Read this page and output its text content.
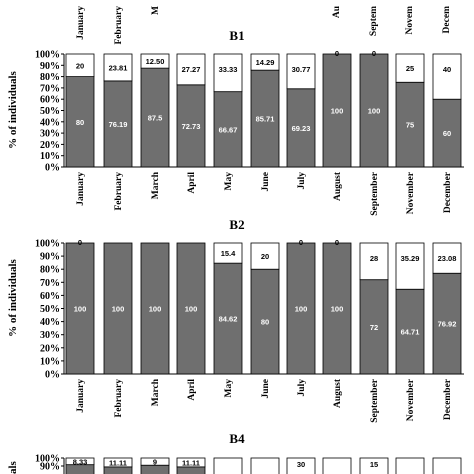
January	February	M	Au	Septem	Novem	Decem
B1
% of individuals
0%
10%
20%
30%
40%
50%
60%
70%
80%
90%
100%
80
20
January
76.19
23.81
February
87.5
12.50
March
72.73
27.27
April
66.67
33.33
May
85.71
14.29
June
69.23
30.77
July
100
0
August
100
0
September
75
25
November
60
40
December
B2
% of individuals
0%
10%
20%
30%
40%
50%
60%
70%
80%
90%
100%
100
0
January
100
February
100
March
100
April
84.62
15.4
May
80
20
June
100
0
July
100
0
August
72
28
September
64.71
35.29
November
76.92
23.08
December
B4
als
100%
90% 8.33	11.11	9	11.11	30	15
